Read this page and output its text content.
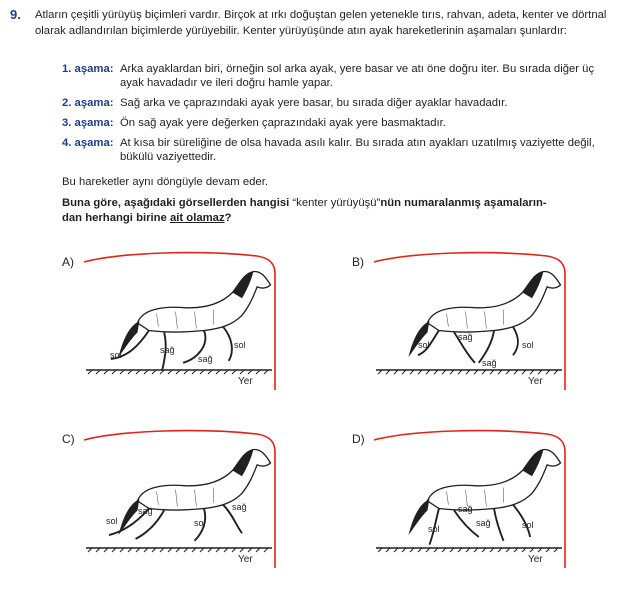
9. Atların çeşitli yürüyüş biçimleri vardır. Birçok at ırkı doğuştan gelen yetenekle tırıs, rahvan, adeta, kenter ve dörtnal olarak adlandırılan biçimlerde yürüyebilir. Kenter yürüyüşünde atın ayak hareketlerinin aşamaları şunlardır:
1. aşama: Arka ayaklardan biri, örneğin sol arka ayak, yere basar ve atı öne doğru iter. Bu sırada diğer üç ayak havadadır ve ileri doğru hamle yapar.
2. aşama: Sağ arka ve çaprazındaki ayak yere basar, bu sırada diğer ayaklar havadadır.
3. aşama: Ön sağ ayak yere değerken çaprazındaki ayak yere basmaktadır.
4. aşama: At kısa bir süreliğine de olsa havada asılı kalır. Bu sırada atın ayakları uzatılmış vaziyette değil, bükülü vaziyettedir.
Bu hareketler aynı döngüyle devam eder.
Buna göre, aşağıdaki görsellerden hangisi “kenter yürüyüşü”nün numaralanmış aşamaların-
dan herhangi birine ait olamaz?
A)
sol	sağ
sağ
sol
Yer
B)
sol
sağ
sağ
sol
Yer
C)
sol
sağ
sol
sağ
Yer
D)
sol
sağ
sağ	sol
Yer
